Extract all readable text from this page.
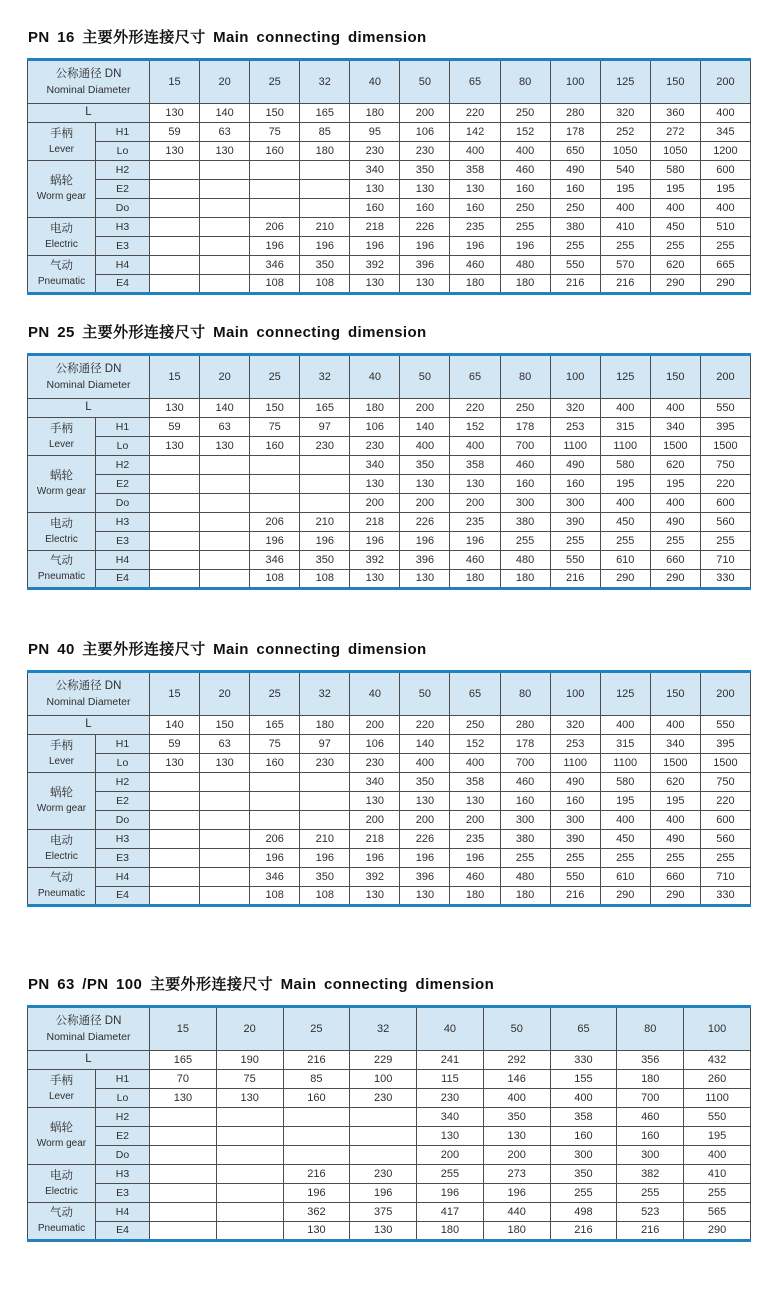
PN 16 主要外形连接尺寸 Main connecting dimension
公称通径 DN
Nominal Diameter		15	20	25	32	40	50	65	80	100	125	150	200
L		130	140	150	165	180	200	220	250	280	320	360	400

手柄
Lever	H1	59	63	75	85	95	106	142	152	178	252	272	345
	Lo	130	130	160	180	230	230	400	400	650	1050	1050	1200

蜗轮
Worm gear	H2					340	350	358	460	490	540	580	600
	E2					130	130	130	160	160	195	195	195
	Do					160	160	160	250	250	400	400	400

电动
Electric	H3			206	210	218	226	235	255	380	410	450	510
	E3			196	196	196	196	196	196	255	255	255	255

气动
Pneumatic	H4			346	350	392	396	460	480	550	570	620	665
	E4			108	108	130	130	180	180	216	216	290	290
PN 25 主要外形连接尺寸 Main connecting dimension
公称通径 DN
Nominal Diameter		15	20	25	32	40	50	65	80	100	125	150	200
L		130	140	150	165	180	200	220	250	320	400	400	550

手柄
Lever	H1	59	63	75	97	106	140	152	178	253	315	340	395
	Lo	130	130	160	230	230	400	400	700	1100	1100	1500	1500

蜗轮
Worm gear	H2					340	350	358	460	490	580	620	750
	E2					130	130	130	160	160	195	195	220
	Do					200	200	200	300	300	400	400	600

电动
Electric	H3			206	210	218	226	235	380	390	450	490	560
	E3			196	196	196	196	196	255	255	255	255	255

气动
Pneumatic	H4			346	350	392	396	460	480	550	610	660	710
	E4			108	108	130	130	180	180	216	290	290	330
PN 40 主要外形连接尺寸 Main connecting dimension
公称通径 DN
Nominal Diameter		15	20	25	32	40	50	65	80	100	125	150	200
L		140	150	165	180	200	220	250	280	320	400	400	550

手柄
Lever	H1	59	63	75	97	106	140	152	178	253	315	340	395
	Lo	130	130	160	230	230	400	400	700	1100	1100	1500	1500

蜗轮
Worm gear	H2					340	350	358	460	490	580	620	750
	E2					130	130	130	160	160	195	195	220
	Do					200	200	200	300	300	400	400	600

电动
Electric	H3			206	210	218	226	235	380	390	450	490	560
	E3			196	196	196	196	196	255	255	255	255	255

气动
Pneumatic	H4			346	350	392	396	460	480	550	610	660	710
	E4			108	108	130	130	180	180	216	290	290	330
PN 63 /PN 100 主要外形连接尺寸 Main connecting dimension
公称通径 DN
Nominal Diameter		15	20	25	32	40	50	65	80	100
L		165	190	216	229	241	292	330	356	432

手柄
Lever	H1	70	75	85	100	115	146	155	180	260
	Lo	130	130	160	230	230	400	400	700	1100

蜗轮
Worm gear	H2					340	350	358	460	550
	E2					130	130	160	160	195
	Do					200	200	300	300	400

电动
Electric	H3			216	230	255	273	350	382	410
	E3			196	196	196	196	255	255	255

气动
Pneumatic	H4			362	375	417	440	498	523	565
	E4			130	130	180	180	216	216	290
